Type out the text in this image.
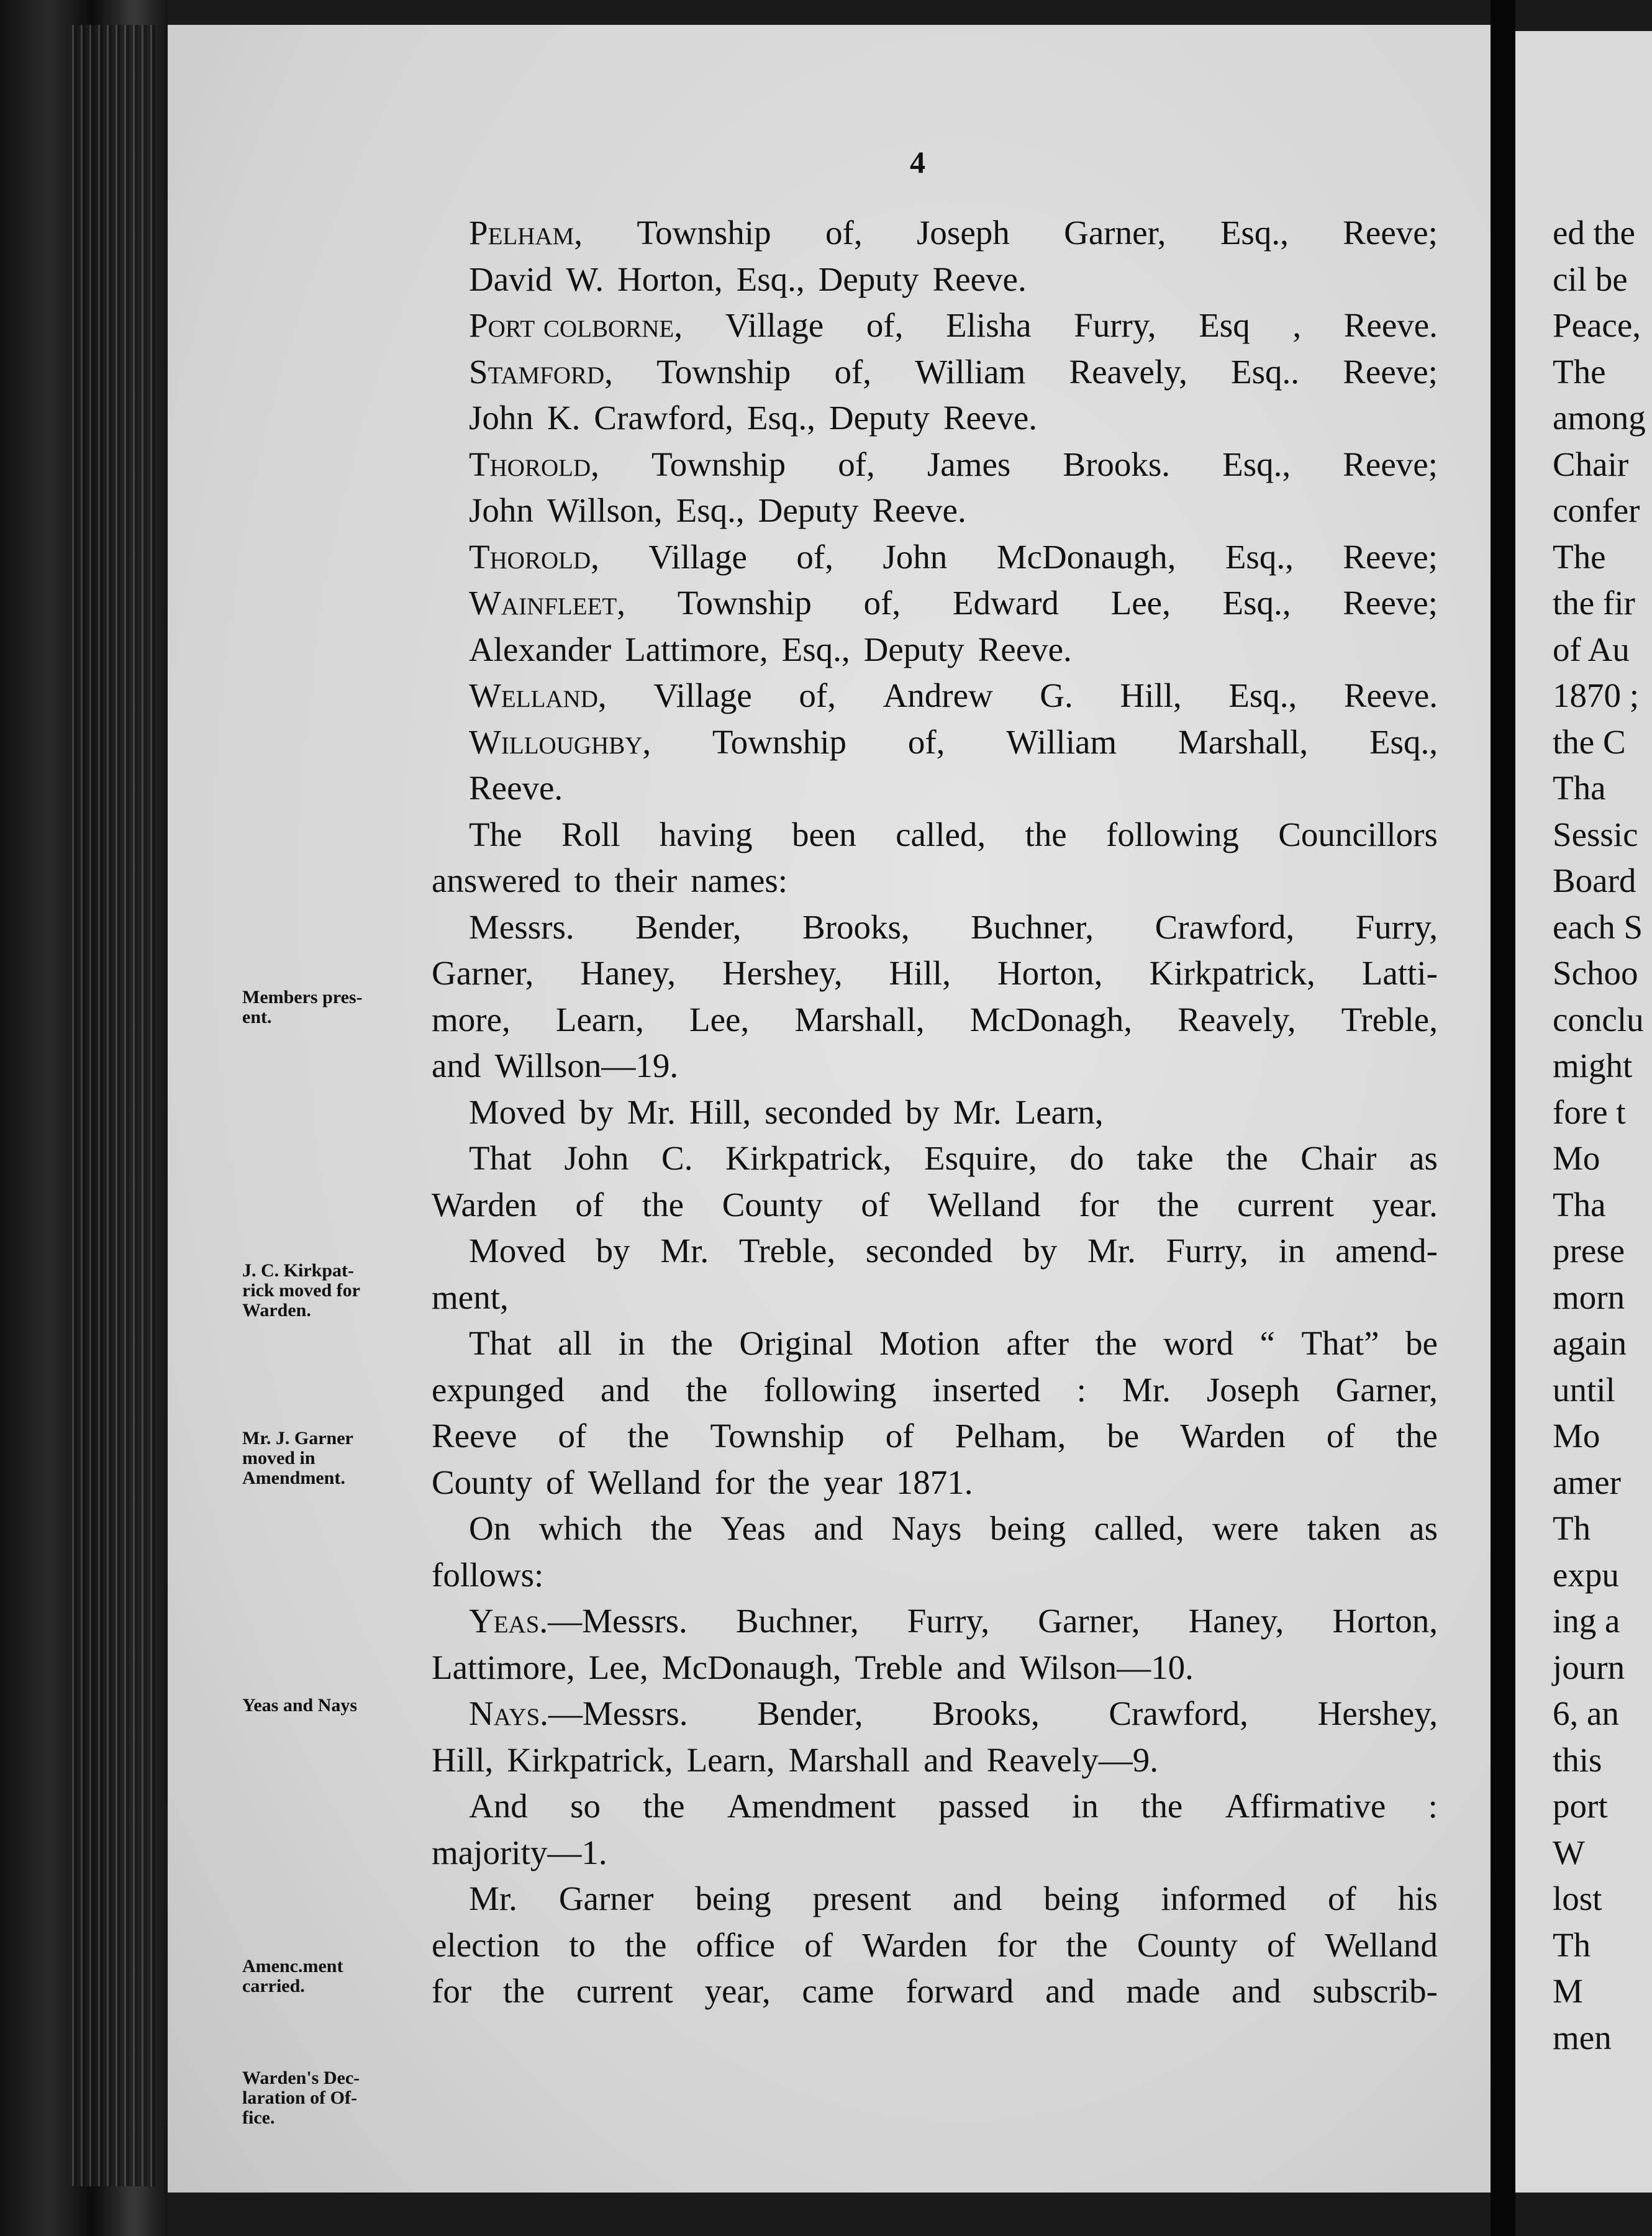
4
Pelham, Township of, Joseph Garner, Esq., Reeve;
David W. Horton, Esq., Deputy Reeve.
Port colborne, Village of, Elisha Furry, Esq , Reeve.
Stamford, Township of, William Reavely, Esq.. Reeve;
John K. Crawford, Esq., Deputy Reeve.
Thorold, Township of, James Brooks. Esq., Reeve;
John Willson, Esq., Deputy Reeve.
Thorold, Village of, John McDonaugh, Esq., Reeve;
Wainfleet, Township of, Edward Lee, Esq., Reeve;
Alexander Lattimore, Esq., Deputy Reeve.
Welland, Village of, Andrew G. Hill, Esq., Reeve.
Willoughby, Township of, William Marshall, Esq.,
Reeve.
The Roll having been called, the following Councillors
answered to their names:
Messrs. Bender, Brooks, Buchner, Crawford, Furry,
Garner, Haney, Hershey, Hill, Horton, Kirkpatrick, Latti-
more, Learn, Lee, Marshall, McDonagh, Reavely, Treble,
and Willson—19.
Moved by Mr. Hill, seconded by Mr. Learn,
That John C. Kirkpatrick, Esquire, do take the Chair as
Warden of the County of Welland for the current year.
Moved by Mr. Treble, seconded by Mr. Furry, in amend-
ment,
That all in the Original Motion after the word “ That” be
expunged and the following inserted : Mr. Joseph Garner,
Reeve of the Township of Pelham, be Warden of the
County of Welland for the year 1871.
On which the Yeas and Nays being called, were taken as
follows:
Yeas.—Messrs. Buchner, Furry, Garner, Haney, Horton,
Lattimore, Lee, McDonaugh, Treble and Wilson—10.
Nays.—Messrs. Bender, Brooks, Crawford, Hershey,
Hill, Kirkpatrick, Learn, Marshall and Reavely—9.
And so the Amendment passed in the Affirmative :
majority—1.
Mr. Garner being present and being informed of his
election to the office of Warden for the County of Welland
for the current year, came forward and made and subscrib-
Members pres-
ent.
J. C. Kirkpat-
rick moved for
Warden.
Mr. J. Garner
moved in
Amendment.
Yeas and Nays
Amenc.ment
carried.
Warden's Dec-
laration of Of-
fice.
ed the
cil be
Peace,
The
among
Chair
confer
The
the fir
of Au
1870 ;
the C
Tha
Sessic
Board
each S
Schoo
conclu
might
fore t
Mo
Tha
prese
morn
again
until
Mo
amer
Th
expu
ing a
journ
6, an
this
port
W
lost
Th
M
men
